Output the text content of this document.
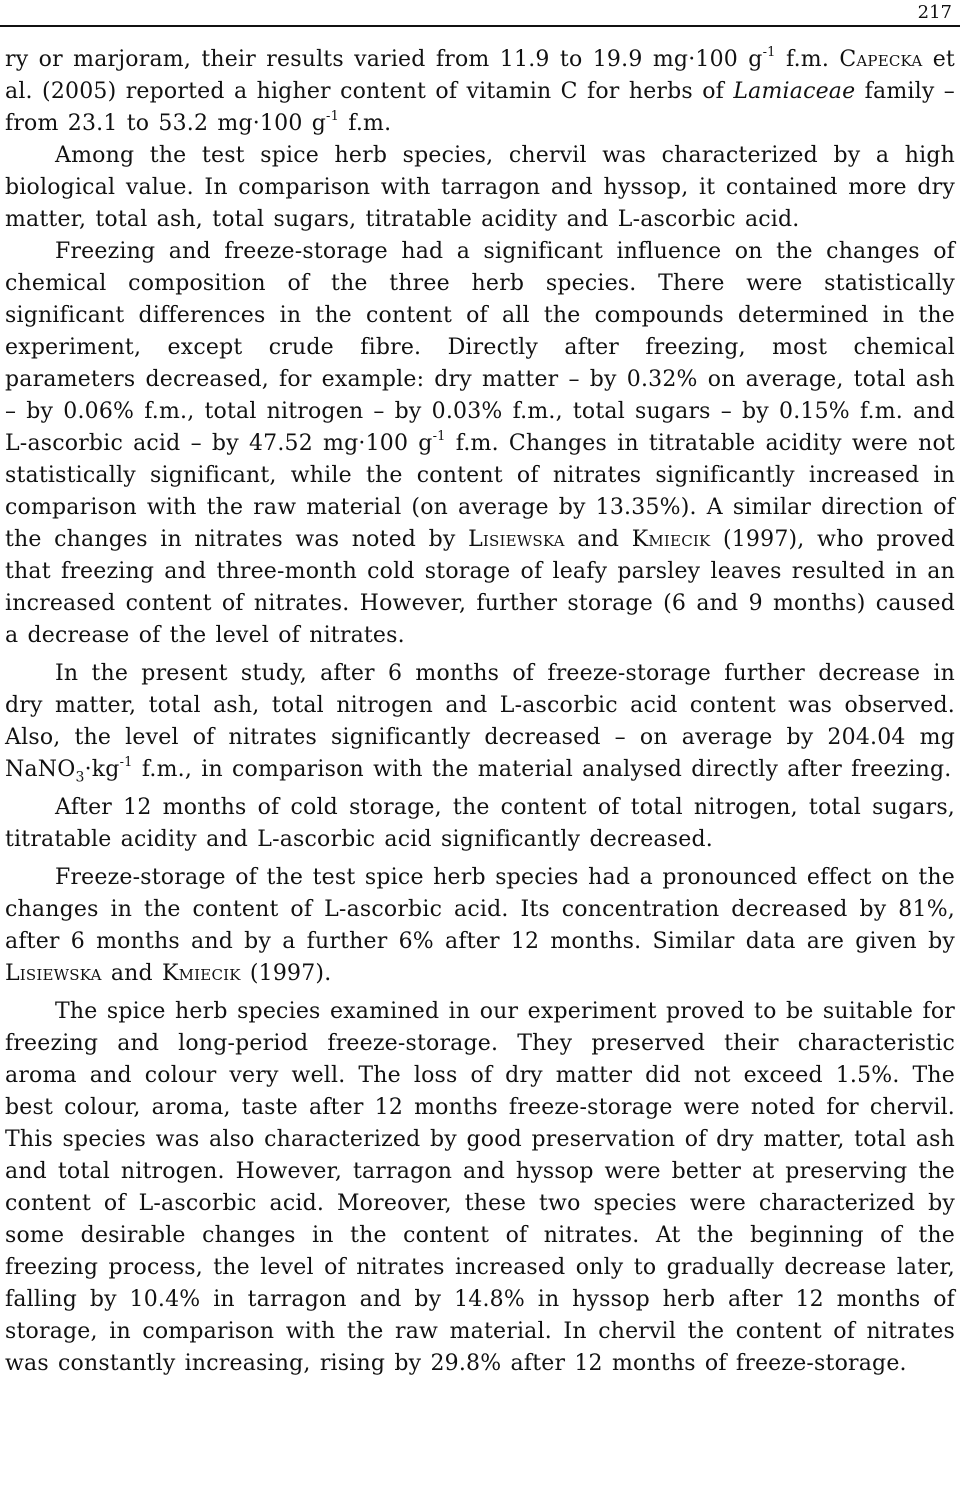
217

ry or marjoram, their results varied from 11.9 to 19.9 mg·100 $g^{-1}$ f.m. Capecka et al. (2005) reported a higher content of vitamin C for herbs of Lamiaceae family – from 23.1 to 53.2 mg·100 $g^{-1}$ f.m.

Among the test spice herb species, chervil was characterized by a high biological value. In comparison with tarragon and hyssop, it contained more dry matter, total ash, total sugars, titratable acidity and L-ascorbic acid.

Freezing and freeze-storage had a significant influence on the changes of chemical composition of the three herb species. There were statistically significant differences in the content of all the compounds determined in the experiment, except crude fibre. Directly after freezing, most chemical parameters decreased, for example: dry matter – by 0.32% on average, total ash – by 0.06% f.m., total nitrogen – by 0.03% f.m., total sugars – by 0.15% f.m. and L-ascorbic acid – by 47.52 mg·100 $g^{-1}$ f.m. Changes in titratable acidity were not statistically significant, while the content of nitrates significantly increased in comparison with the raw material (on average by 13.35%). A similar direction of the changes in nitrates was noted by Lisiewska and Kmiecik (1997), who proved that freezing and three-month cold storage of leafy parsley leaves resulted in an increased content of nitrates. However, further storage (6 and 9 months) caused a decrease of the level of nitrates.

In the present study, after 6 months of freeze-storage further decrease in dry matter, total ash, total nitrogen and L-ascorbic acid content was observed. Also, the level of nitrates significantly decreased – on average by 204.04 mg $NaNO_3\cdot kg^{-1}$ f.m., in comparison with the material analysed directly after freezing.

After 12 months of cold storage, the content of total nitrogen, total sugars, titratable acidity and L-ascorbic acid significantly decreased.

Freeze-storage of the test spice herb species had a pronounced effect on the changes in the content of L-ascorbic acid. Its concentration decreased by 81%, after 6 months and by a further 6% after 12 months. Similar data are given by Lisiewska and Kmiecik (1997).

The spice herb species examined in our experiment proved to be suitable for freezing and long-period freeze-storage. They preserved their characteristic aroma and colour very well. The loss of dry matter did not exceed 1.5%. The best colour, aroma, taste after 12 months freeze-storage were noted for chervil. This species was also characterized by good preservation of dry matter, total ash and total nitrogen. However, tarragon and hyssop were better at preserving the content of L-ascorbic acid. Moreover, these two species were characterized by some desirable changes in the content of nitrates. At the beginning of the freezing process, the level of nitrates increased only to gradually decrease later, falling by 10.4% in tarragon and by 14.8% in hyssop herb after 12 months of storage, in comparison with the raw material. In chervil the content of nitrates was constantly increasing, rising by 29.8% after 12 months of freeze-storage.
